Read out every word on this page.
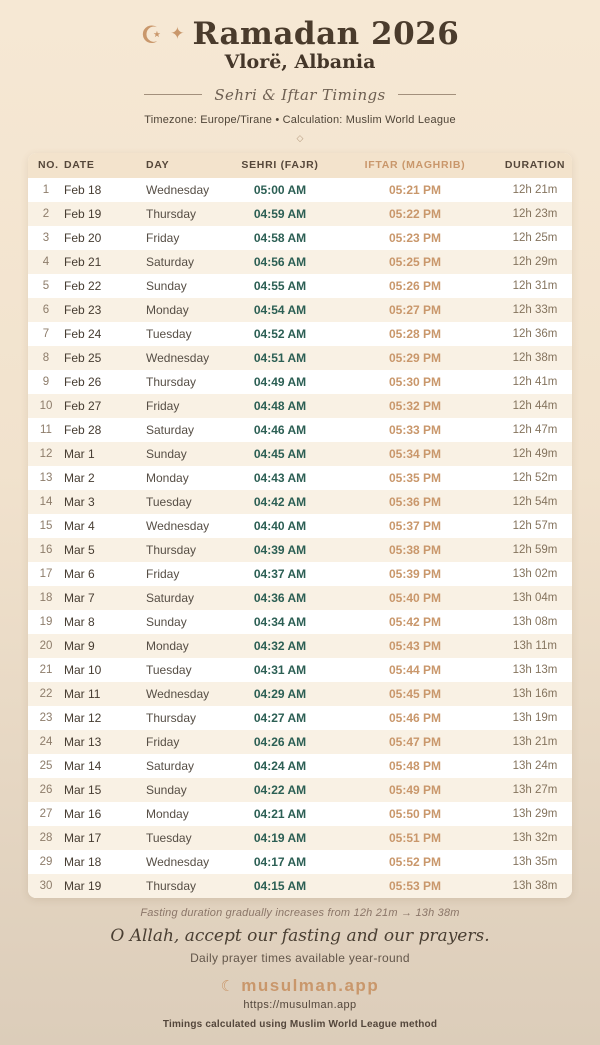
☪ ✦ Ramadan 2026
Vlorë, Albania
Sehri & Iftar Timings
Timezone: Europe/Tirane • Calculation: Muslim World League
◇
NO.	DATE	DAY	SEHRI (FAJR)	IFTAR (MAGHRIB)	DURATION
1	Feb 18	Wednesday	05:00 AM	05:21 PM	12h 21m
2	Feb 19	Thursday	04:59 AM	05:22 PM	12h 23m
3	Feb 20	Friday	04:58 AM	05:23 PM	12h 25m
4	Feb 21	Saturday	04:56 AM	05:25 PM	12h 29m
5	Feb 22	Sunday	04:55 AM	05:26 PM	12h 31m
6	Feb 23	Monday	04:54 AM	05:27 PM	12h 33m
7	Feb 24	Tuesday	04:52 AM	05:28 PM	12h 36m
8	Feb 25	Wednesday	04:51 AM	05:29 PM	12h 38m
9	Feb 26	Thursday	04:49 AM	05:30 PM	12h 41m
10	Feb 27	Friday	04:48 AM	05:32 PM	12h 44m
11	Feb 28	Saturday	04:46 AM	05:33 PM	12h 47m
12	Mar 1	Sunday	04:45 AM	05:34 PM	12h 49m
13	Mar 2	Monday	04:43 AM	05:35 PM	12h 52m
14	Mar 3	Tuesday	04:42 AM	05:36 PM	12h 54m
15	Mar 4	Wednesday	04:40 AM	05:37 PM	12h 57m
16	Mar 5	Thursday	04:39 AM	05:38 PM	12h 59m
17	Mar 6	Friday	04:37 AM	05:39 PM	13h 02m
18	Mar 7	Saturday	04:36 AM	05:40 PM	13h 04m
19	Mar 8	Sunday	04:34 AM	05:42 PM	13h 08m
20	Mar 9	Monday	04:32 AM	05:43 PM	13h 11m
21	Mar 10	Tuesday	04:31 AM	05:44 PM	13h 13m
22	Mar 11	Wednesday	04:29 AM	05:45 PM	13h 16m
23	Mar 12	Thursday	04:27 AM	05:46 PM	13h 19m
24	Mar 13	Friday	04:26 AM	05:47 PM	13h 21m
25	Mar 14	Saturday	04:24 AM	05:48 PM	13h 24m
26	Mar 15	Sunday	04:22 AM	05:49 PM	13h 27m
27	Mar 16	Monday	04:21 AM	05:50 PM	13h 29m
28	Mar 17	Tuesday	04:19 AM	05:51 PM	13h 32m
29	Mar 18	Wednesday	04:17 AM	05:52 PM	13h 35m
30	Mar 19	Thursday	04:15 AM	05:53 PM	13h 38m
Fasting duration gradually increases from 12h 21m → 13h 38m
O Allah, accept our fasting and our prayers.
Daily prayer times available year-round
☾ musulman.app
https://musulman.app
Timings calculated using Muslim World League method
